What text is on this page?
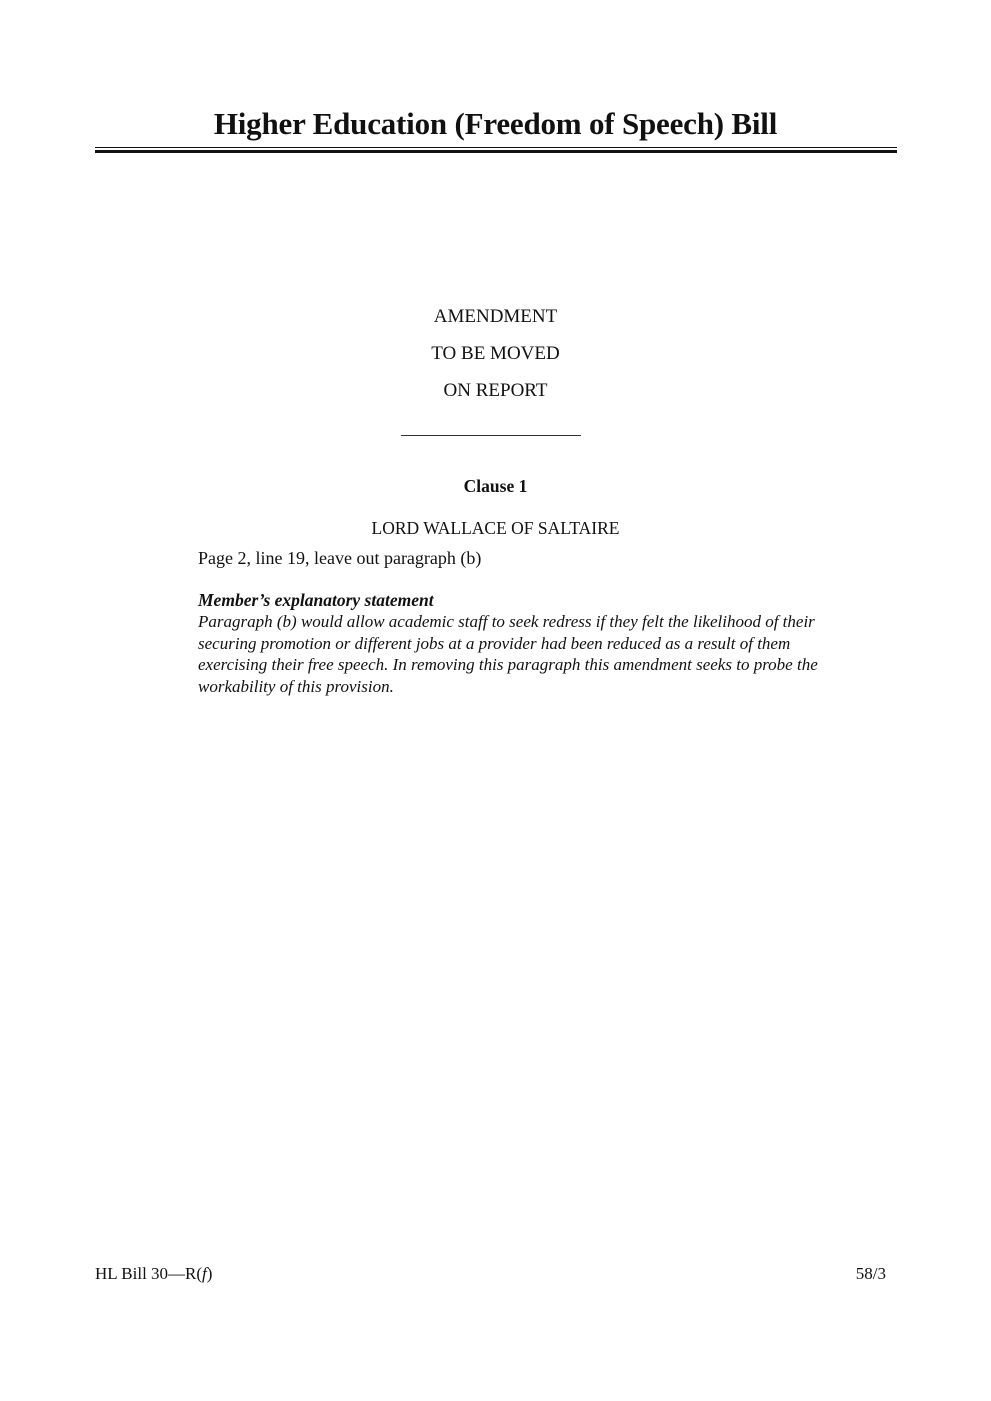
Higher Education (Freedom of Speech) Bill
AMENDMENT
TO BE MOVED
ON REPORT
Clause 1
LORD WALLACE OF SALTAIRE
Page 2, line 19, leave out paragraph (b)
Member’s explanatory statement
Paragraph (b) would allow academic staff to seek redress if they felt the likelihood of their
securing promotion or different jobs at a provider had been reduced as a result of them
exercising their free speech. In removing this paragraph this amendment seeks to probe the
workability of this provision.
HL Bill 30—R(f)	58/3
